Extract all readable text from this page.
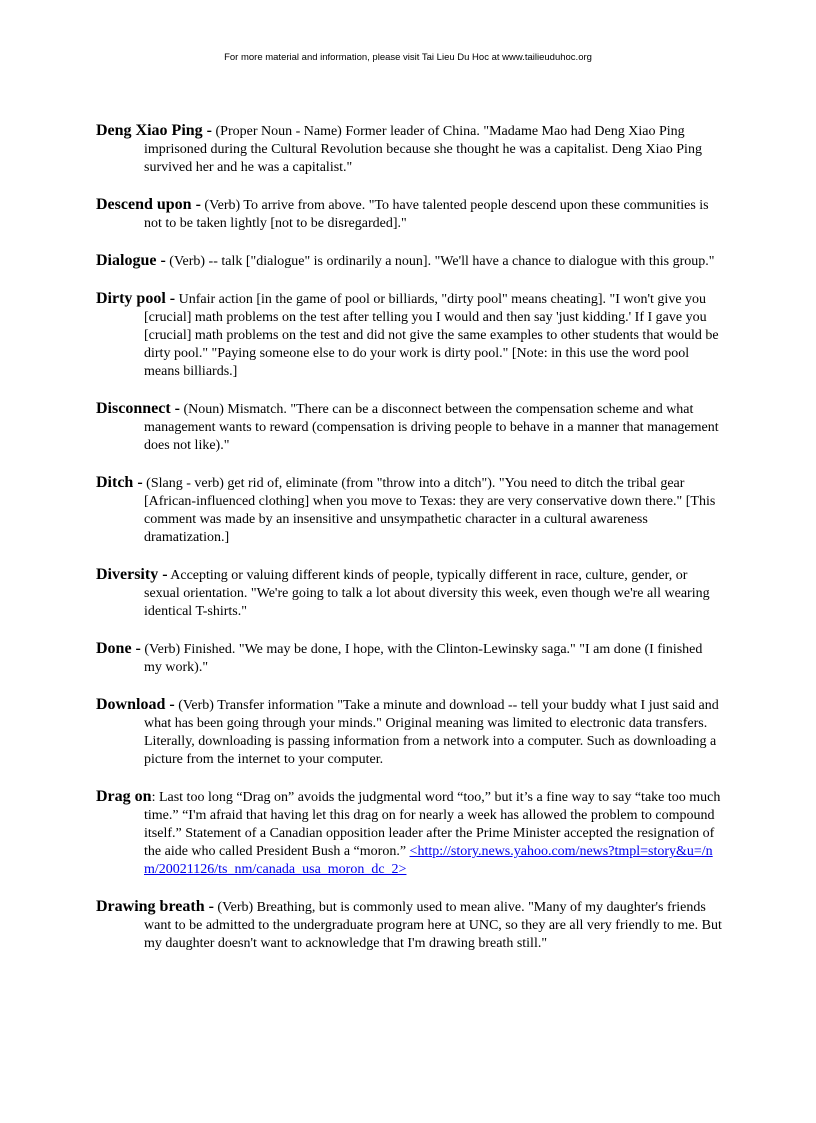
For more material and information, please visit Tai Lieu Du Hoc at www.tailieuduhoc.org

Deng Xiao Ping - (Proper Noun - Name) Former leader of China. "Madame Mao had Deng Xiao Ping imprisoned during the Cultural Revolution because she thought he was a capitalist. Deng Xiao Ping survived her and he was a capitalist."

Descend upon - (Verb) To arrive from above. "To have talented people descend upon these communities is not to be taken lightly [not to be disregarded]."

Dialogue - (Verb) -- talk ["dialogue" is ordinarily a noun]. "We'll have a chance to dialogue with this group."

Dirty pool - Unfair action [in the game of pool or billiards, "dirty pool" means cheating]. "I won't give you [crucial] math problems on the test after telling you I would and then say 'just kidding.' If I gave you [crucial] math problems on the test and did not give the same examples to other students that would be dirty pool." "Paying someone else to do your work is dirty pool." [Note: in this use the word pool means billiards.]

Disconnect - (Noun) Mismatch. "There can be a disconnect between the compensation scheme and what management wants to reward (compensation is driving people to behave in a manner that management does not like)."

Ditch - (Slang - verb) get rid of, eliminate (from "throw into a ditch"). "You need to ditch the tribal gear [African-influenced clothing] when you move to Texas: they are very conservative down there." [This comment was made by an insensitive and unsympathetic character in a cultural awareness dramatization.]

Diversity - Accepting or valuing different kinds of people, typically different in race, culture, gender, or sexual orientation. "We're going to talk a lot about diversity this week, even though we're all wearing identical T-shirts."

Done - (Verb) Finished. "We may be done, I hope, with the Clinton-Lewinsky saga." "I am done (I finished my work)."

Download - (Verb) Transfer information "Take a minute and download -- tell your buddy what I just said and what has been going through your minds." Original meaning was limited to electronic data transfers. Literally, downloading is passing information from a network into a computer. Such as downloading a picture from the internet to your computer.

Drag on: Last too long “Drag on” avoids the judgmental word “too,” but it’s a fine way to say “take too much time.” “I'm afraid that having let this drag on for nearly a week has allowed the problem to compound itself.” Statement of a Canadian opposition leader after the Prime Minister accepted the resignation of the aide who called President Bush a “moron.” <http://story.news.yahoo.com/news?tmpl=story&u=/nm/20021126/ts_nm/canada_usa_moron_dc_2>

Drawing breath - (Verb) Breathing, but is commonly used to mean alive. "Many of my daughter's friends want to be admitted to the undergraduate program here at UNC, so they are all very friendly to me. But my daughter doesn't want to acknowledge that I'm drawing breath still."
